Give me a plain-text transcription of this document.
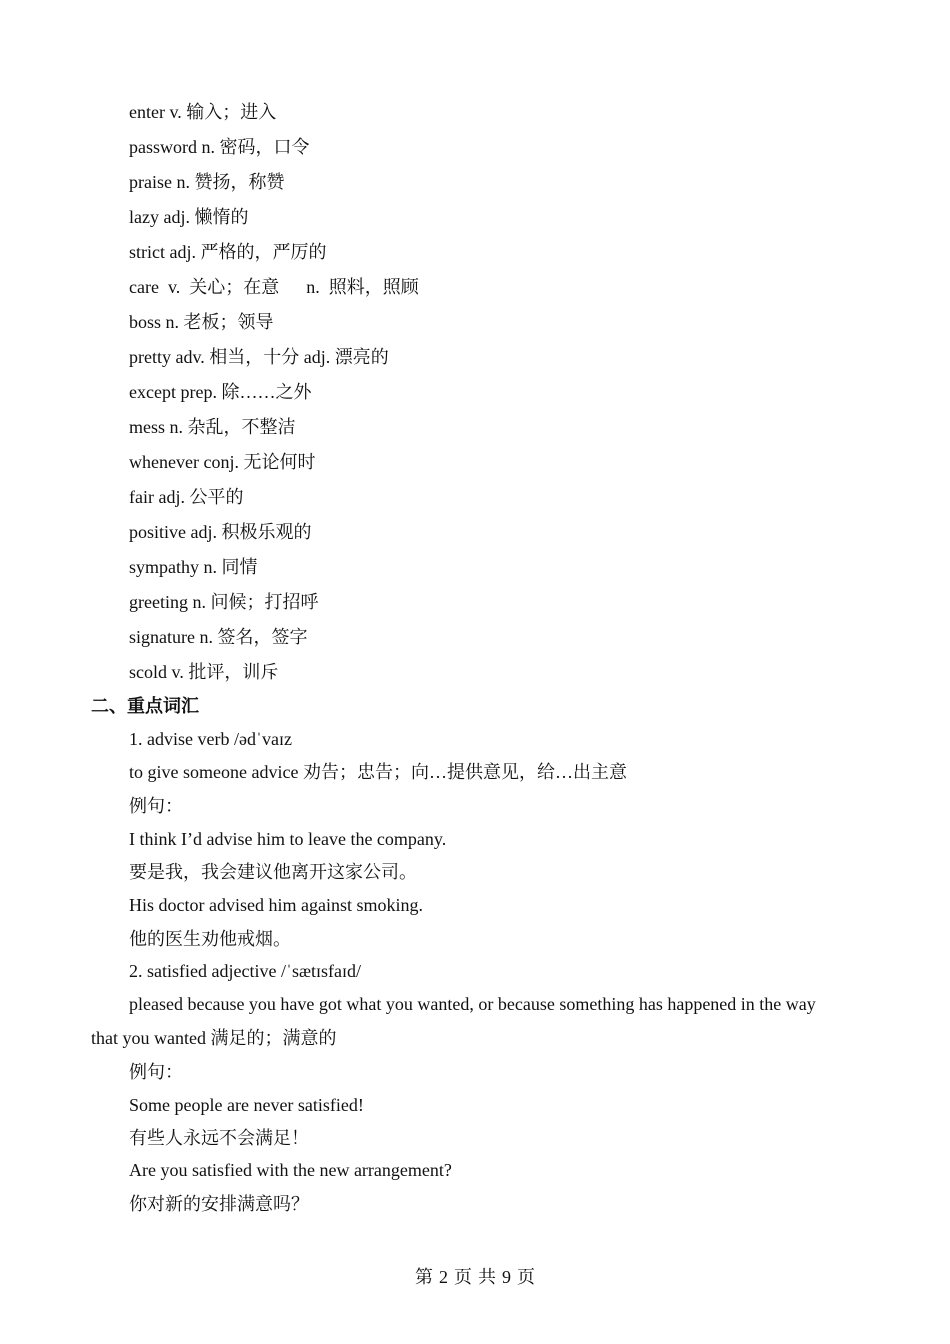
enter v. 输入；进入
password n. 密码，口令
praise n. 赞扬，称赞
lazy adj. 懒惰的
strict adj. 严格的，严厉的
care  v.  关心；在意      n.  照料，照顾
boss n. 老板；领导
pretty adv. 相当，十分 adj. 漂亮的
except prep. 除……之外
mess n. 杂乱，不整洁
whenever conj. 无论何时
fair adj. 公平的
positive adj. 积极乐观的
sympathy n. 同情
greeting n. 问候；打招呼
signature n. 签名，签字
scold v. 批评，训斥
二、重点词汇
1. advise verb /ədˈvaɪz
to give someone advice 劝告；忠告；向…提供意见，给…出主意
例句：
I think I’d advise him to leave the company.
要是我，我会建议他离开这家公司。
His doctor advised him against smoking.
他的医生劝他戒烟。
2. satisfied adjective /ˈsætɪsfaɪd/
pleased because you have got what you wanted, or because something has happened in the way
that you wanted 满足的；满意的
例句：
Some people are never satisfied!
有些人永远不会满足！
Are you satisfied with the new arrangement?
你对新的安排满意吗？
第 2 页 共 9 页
